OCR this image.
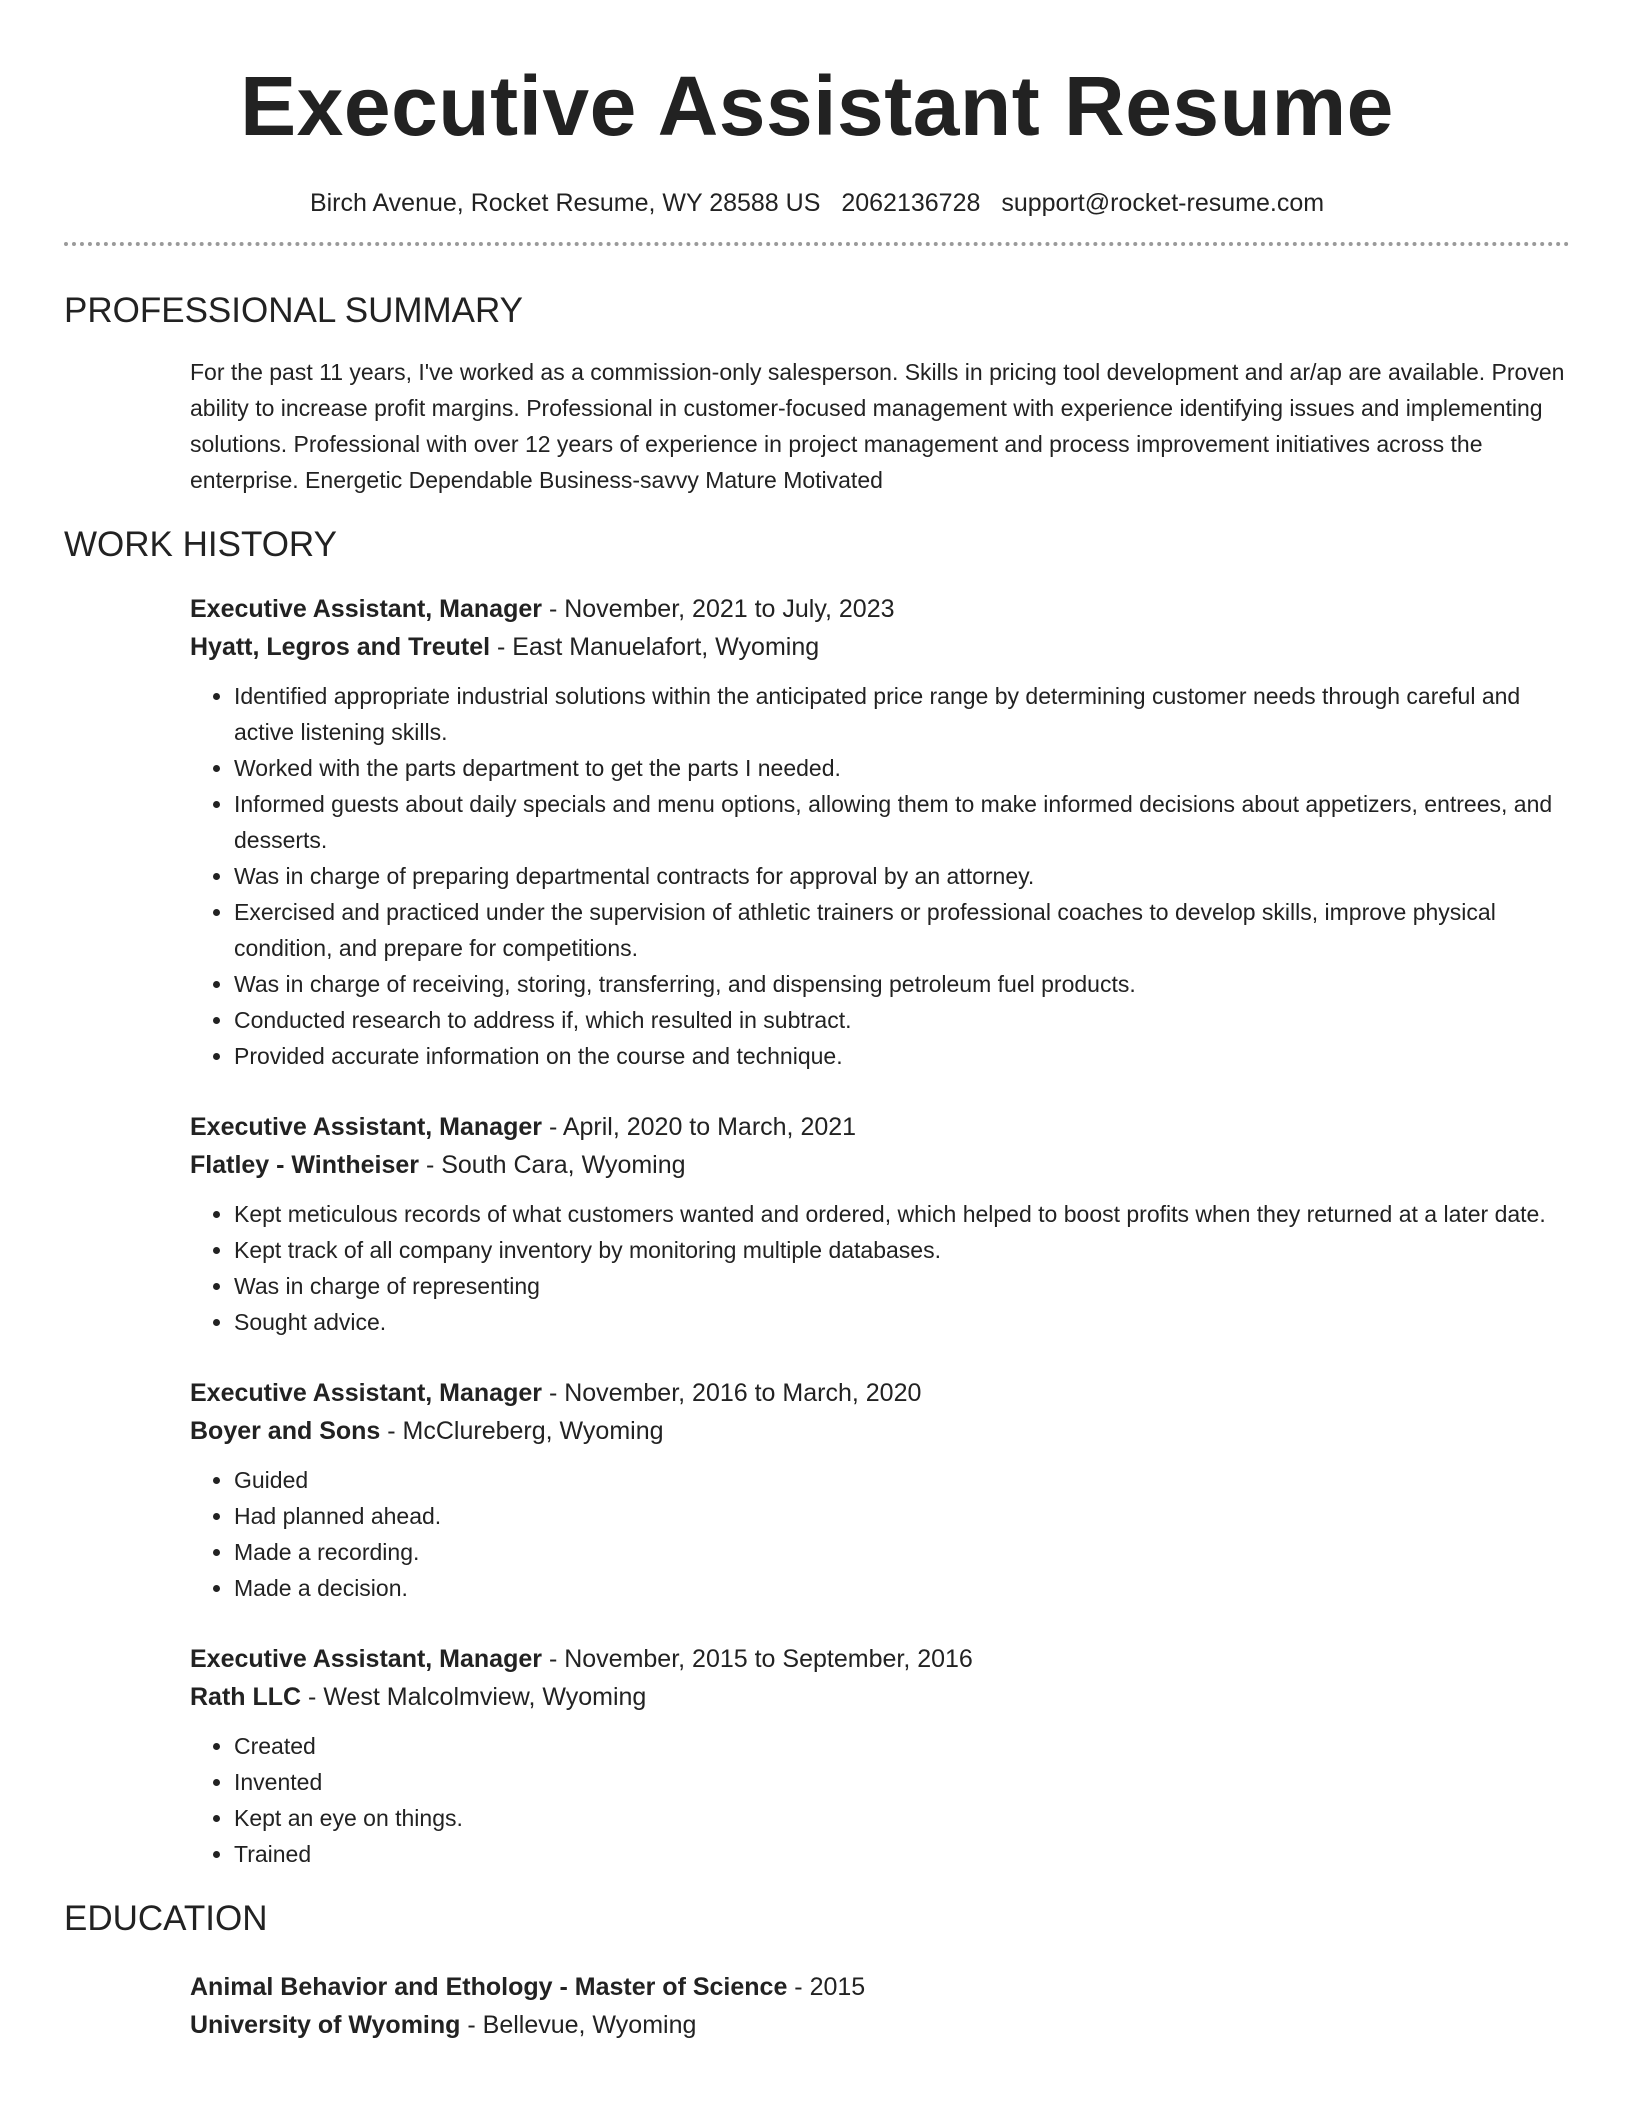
Executive Assistant Resume
Birch Avenue, Rocket Resume, WY 28588 US 2062136728 support@rocket-resume.com
PROFESSIONAL SUMMARY

For the past 11 years, I've worked as a commission-only salesperson. Skills in pricing tool development and ar/ap are available. Proven ability to increase profit margins. Professional in customer-focused management with experience identifying issues and implementing solutions. Professional with over 12 years of experience in project management and process improvement initiatives across the enterprise. Energetic Dependable Business-savvy Mature Motivated

WORK HISTORY
Executive Assistant, Manager - November, 2021 to July, 2023
Hyatt, Legros and Treutel - East Manuelafort, Wyoming
• Identified appropriate industrial solutions within the anticipated price range by determining customer needs through careful and active listening skills.
• Worked with the parts department to get the parts I needed.
• Informed guests about daily specials and menu options, allowing them to make informed decisions about appetizers, entrees, and desserts.
• Was in charge of preparing departmental contracts for approval by an attorney.
• Exercised and practiced under the supervision of athletic trainers or professional coaches to develop skills, improve physical condition, and prepare for competitions.
• Was in charge of receiving, storing, transferring, and dispensing petroleum fuel products.
• Conducted research to address if, which resulted in subtract.
• Provided accurate information on the course and technique.
Executive Assistant, Manager - April, 2020 to March, 2021
Flatley - Wintheiser - South Cara, Wyoming
• Kept meticulous records of what customers wanted and ordered, which helped to boost profits when they returned at a later date.
• Kept track of all company inventory by monitoring multiple databases.
• Was in charge of representing
• Sought advice.
Executive Assistant, Manager - November, 2016 to March, 2020
Boyer and Sons - McClureberg, Wyoming
• Guided
• Had planned ahead.
• Made a recording.
• Made a decision.
Executive Assistant, Manager - November, 2015 to September, 2016
Rath LLC - West Malcolmview, Wyoming
• Created
• Invented
• Kept an eye on things.
• Trained
EDUCATION
Animal Behavior and Ethology - Master of Science - 2015
University of Wyoming - Bellevue, Wyoming
